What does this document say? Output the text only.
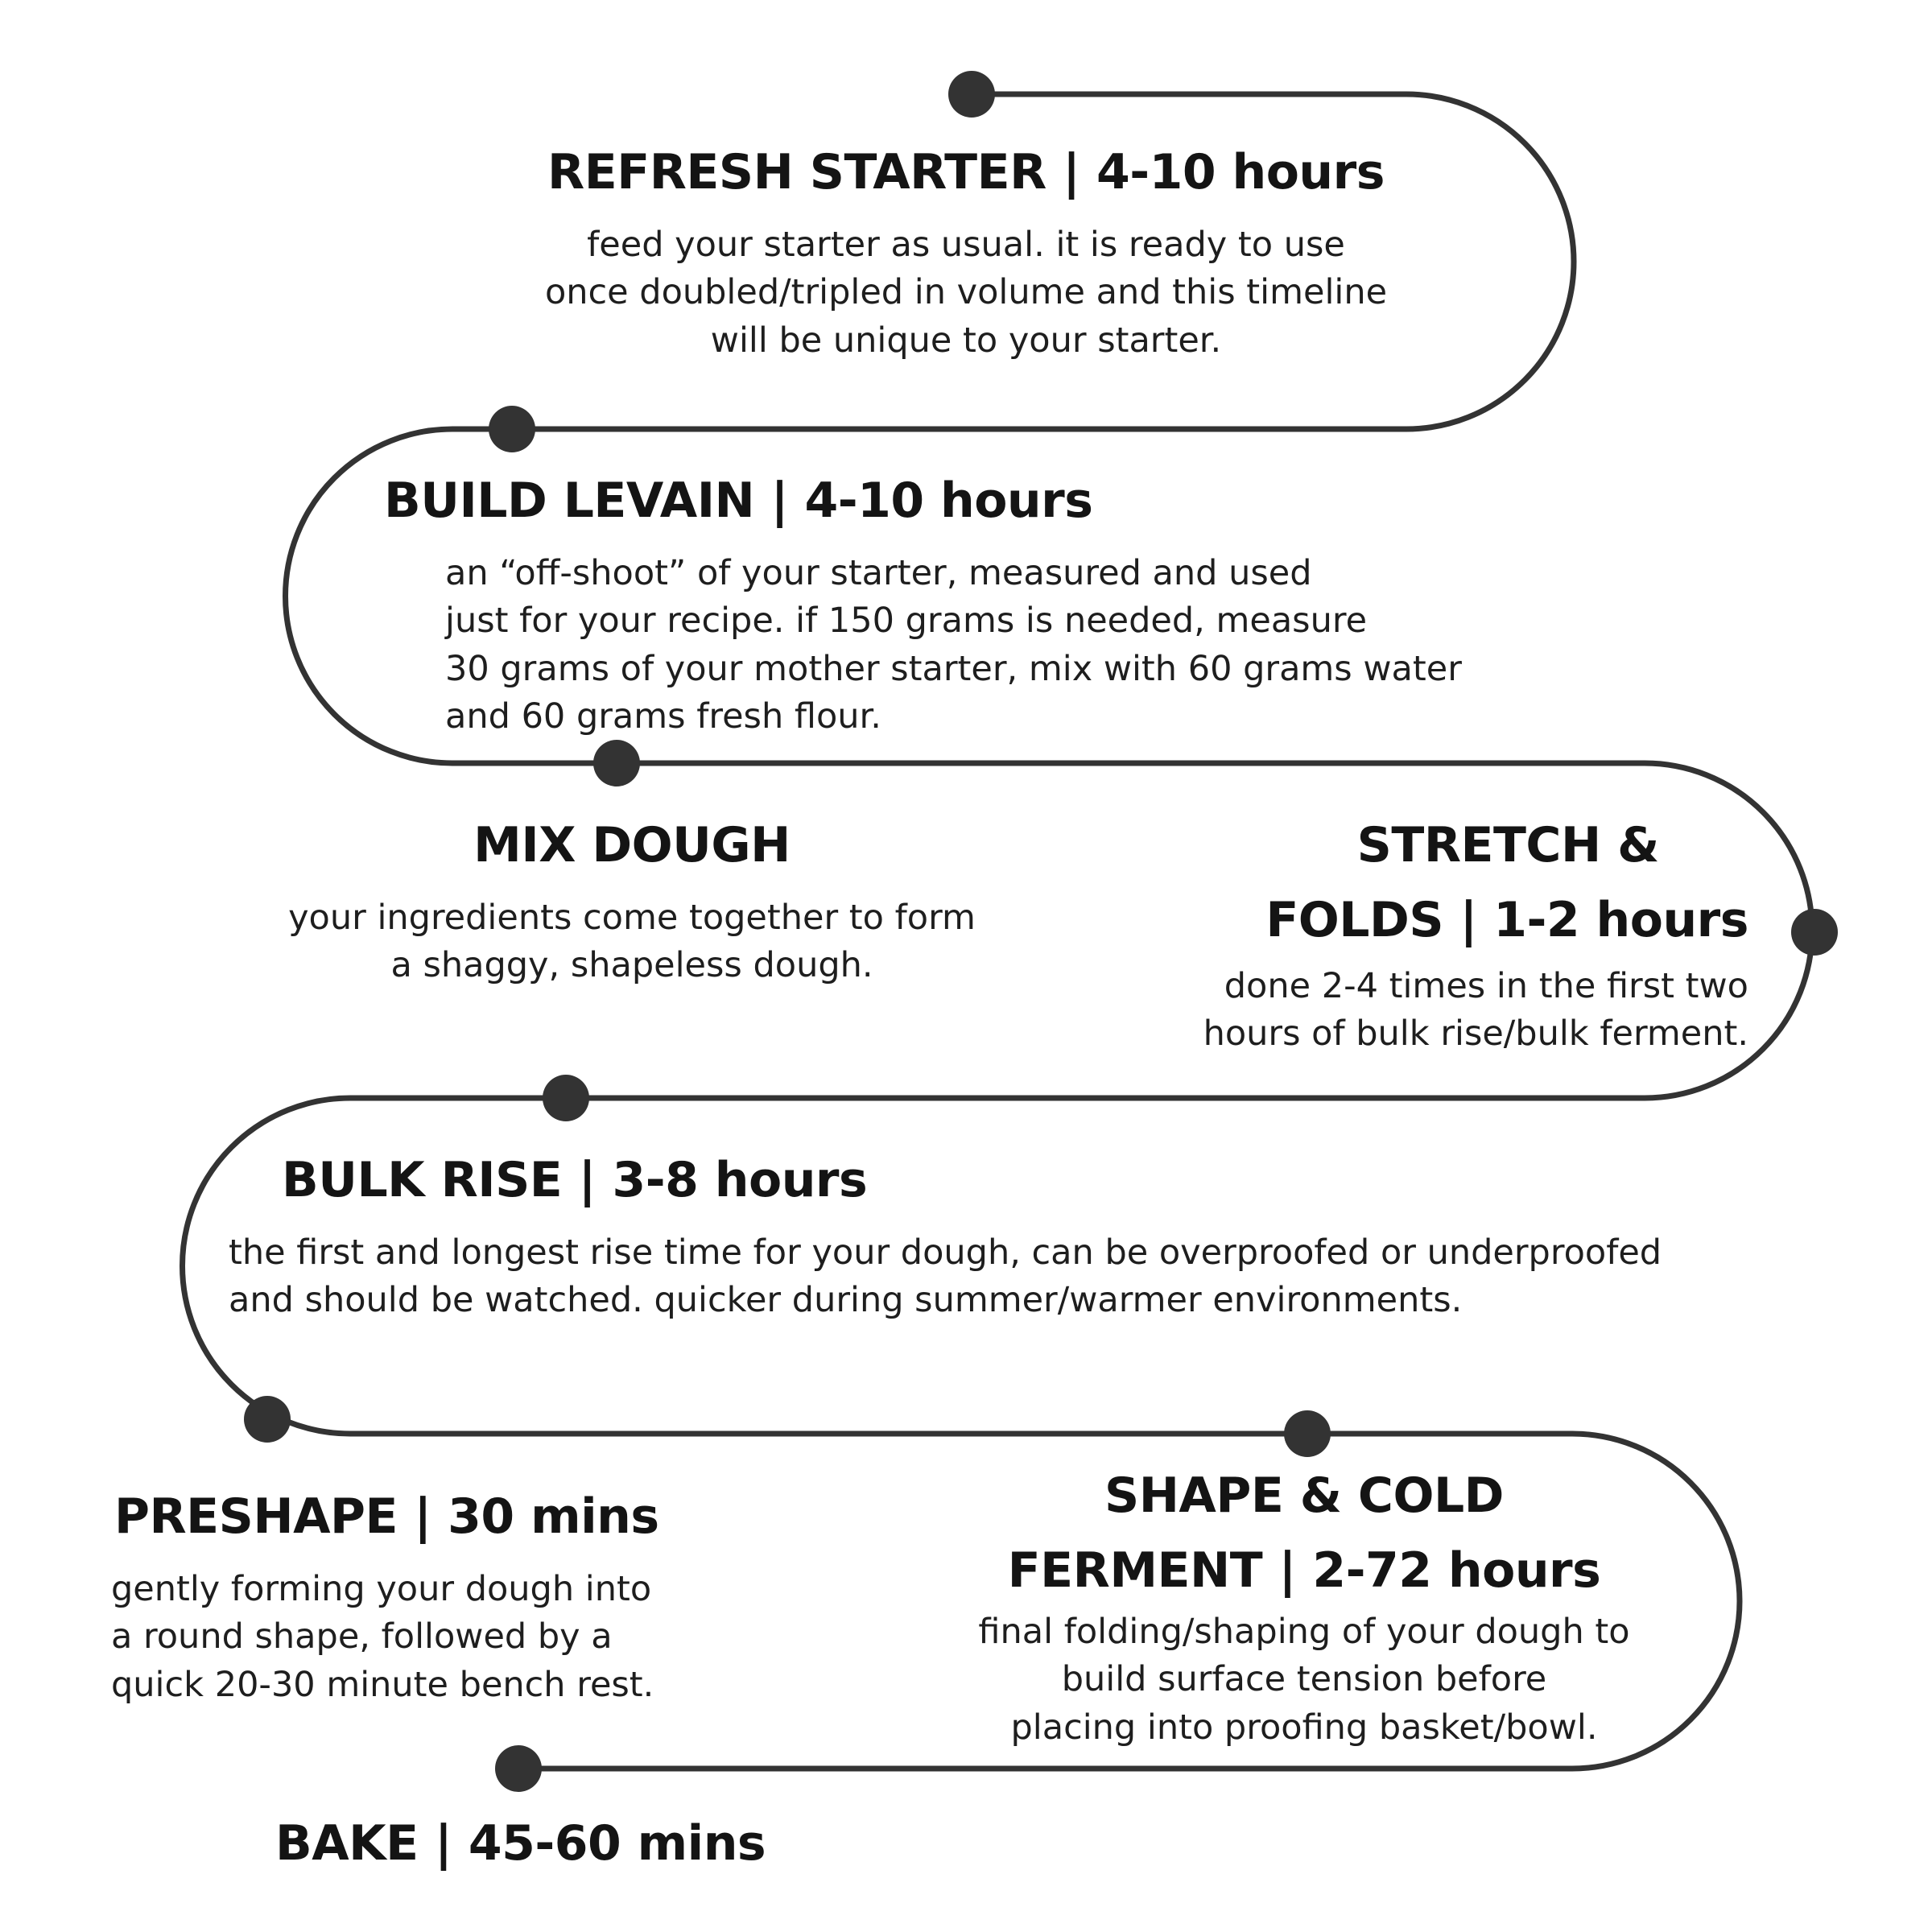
REFRESH STARTER | 4-10 hours
feed your starter as usual. it is ready to use
once doubled/tripled in volume and this timeline
will be unique to your starter.
BUILD LEVAIN | 4-10 hours
an “off-shoot” of your starter, measured and used
just for your recipe. if 150 grams is needed, measure
30 grams of your mother starter, mix with 60 grams water
and 60 grams fresh flour.
MIX DOUGH
your ingredients come together to form
a shaggy, shapeless dough.
STRETCH &
FOLDS | 1-2 hours
done 2-4 times in the first two
hours of bulk rise/bulk ferment.
BULK RISE | 3-8 hours
the first and longest rise time for your dough, can be overproofed or underproofed
and should be watched. quicker during summer/warmer environments.
PRESHAPE | 30 mins
gently forming your dough into
a round shape, followed by a
quick 20-30 minute bench rest.
SHAPE & COLD
FERMENT | 2-72 hours
final folding/shaping of your dough to
build surface tension before
placing into proofing basket/bowl.
BAKE | 45-60 mins
